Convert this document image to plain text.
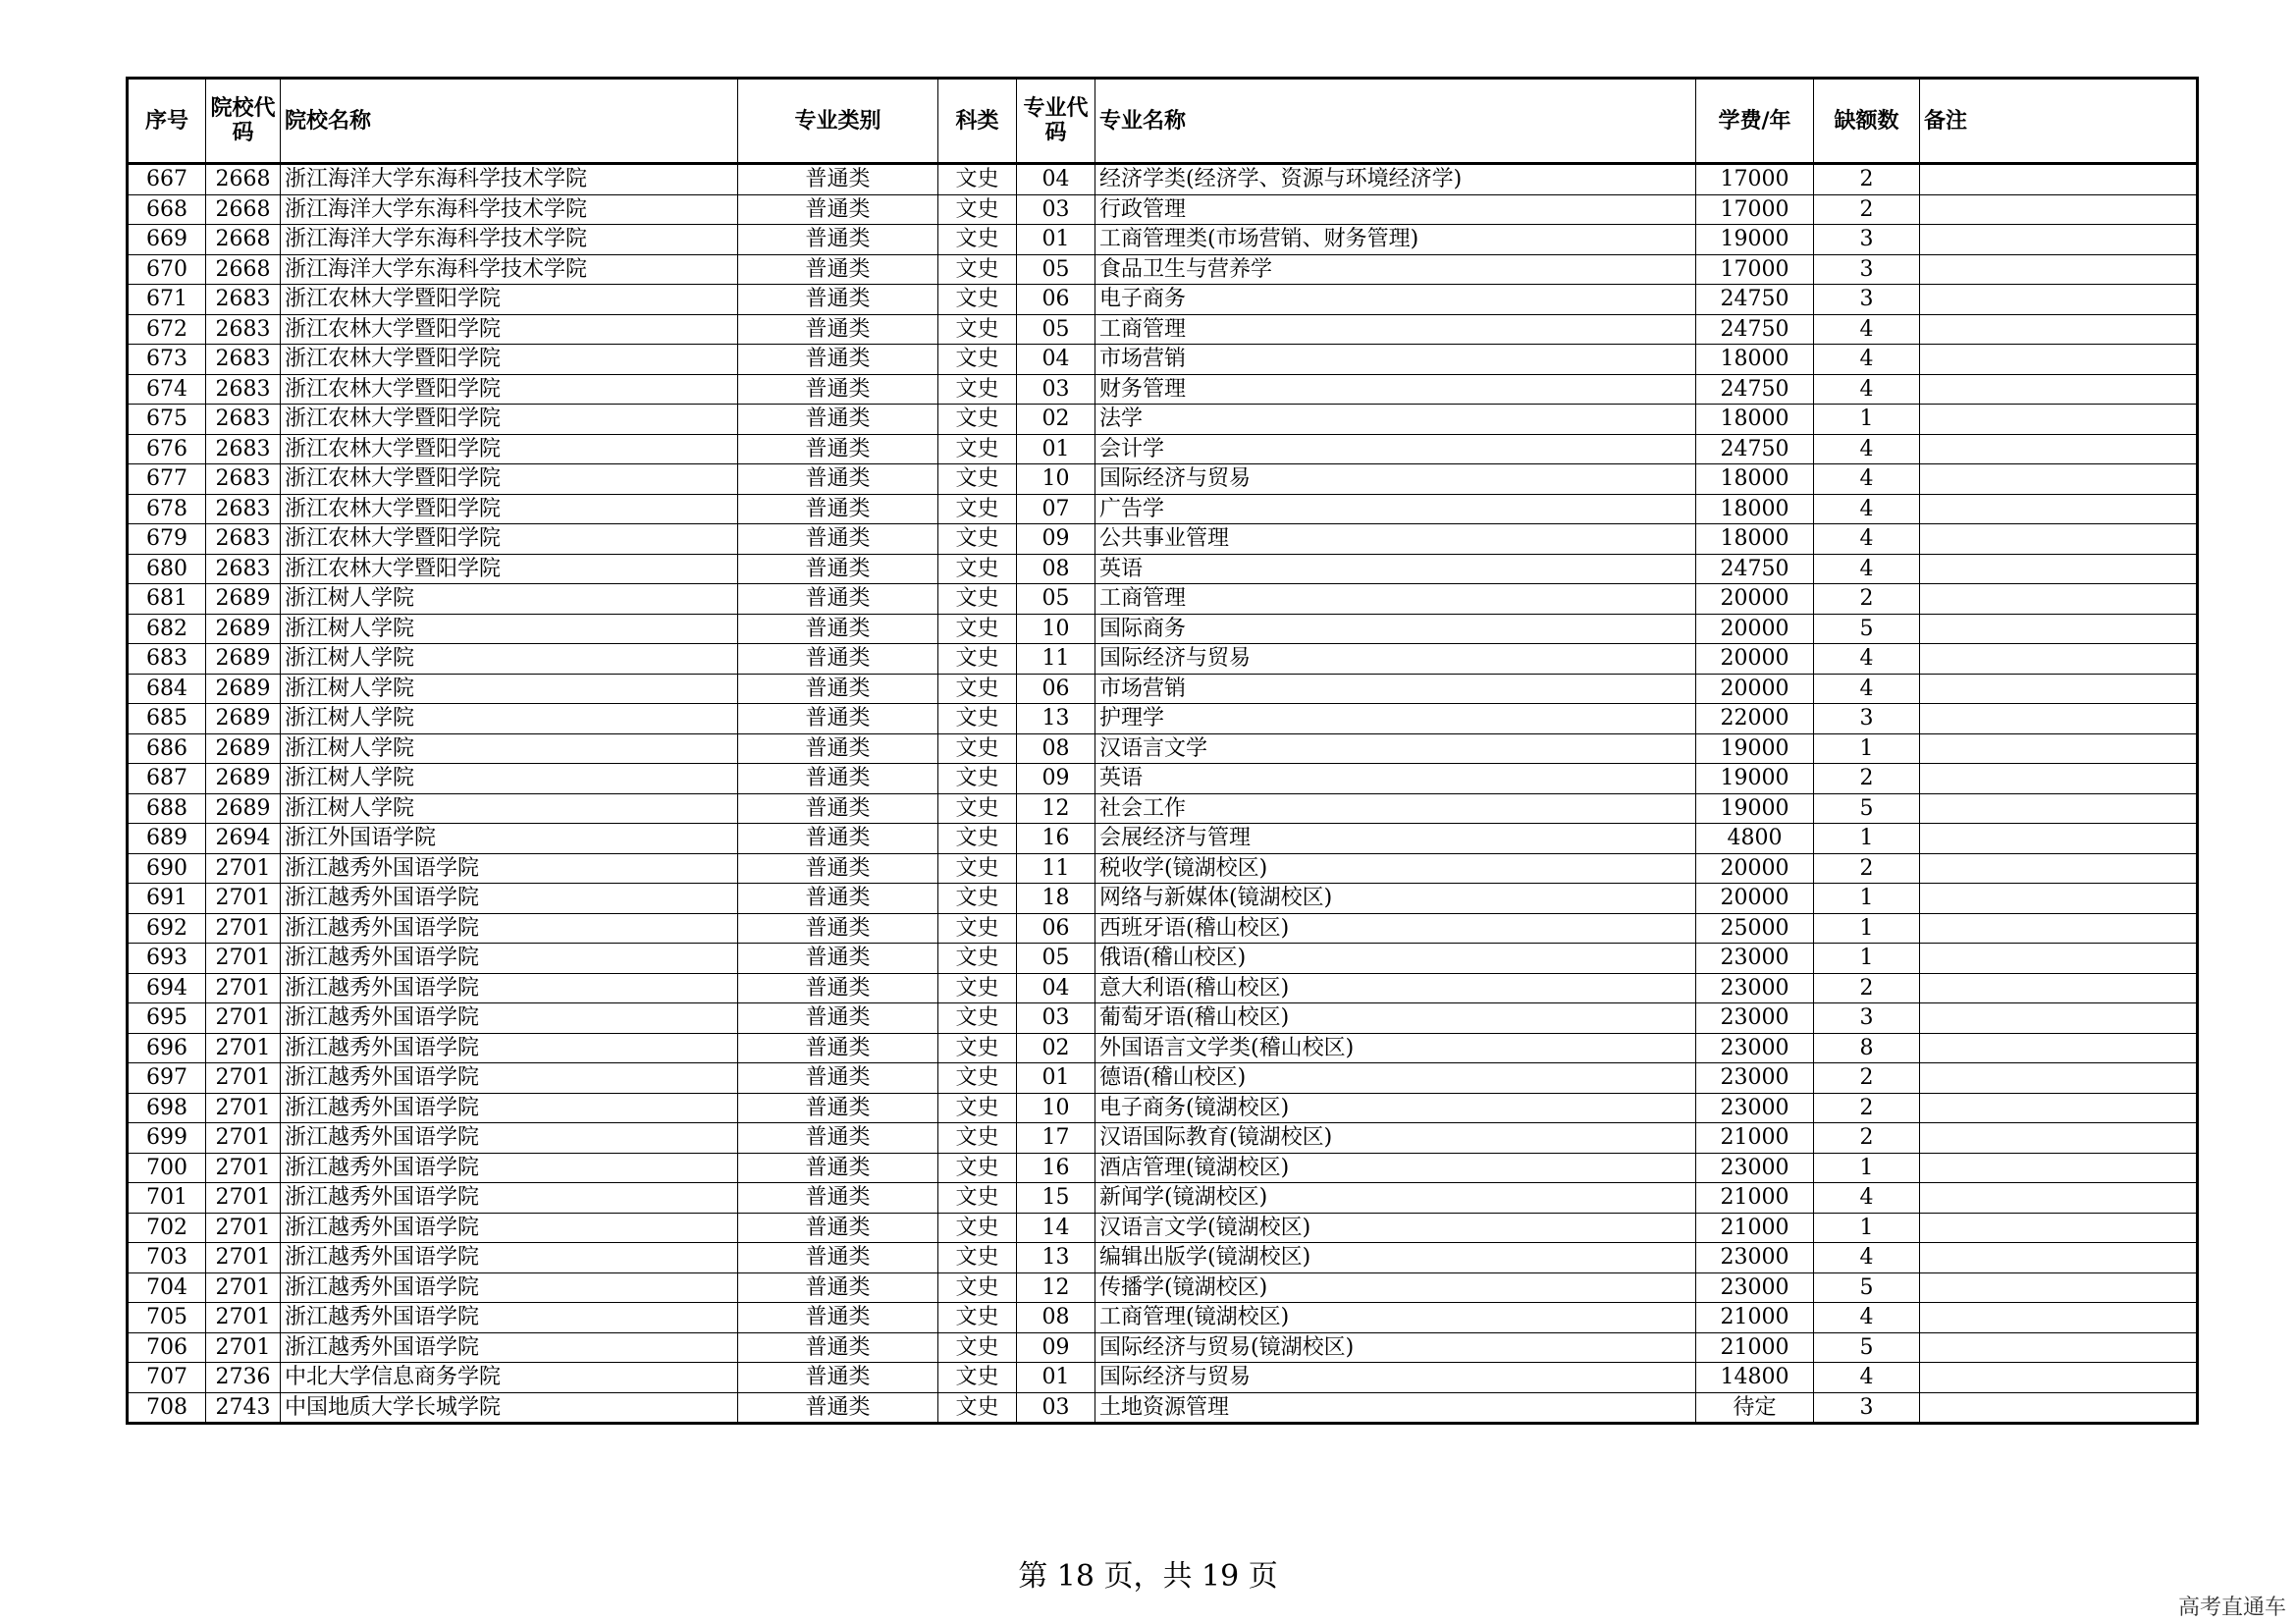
序号	院校代码	院校名称	专业类别	科类	专业代码	专业名称	学费/年	缺额数	备注
667	2668	浙江海洋大学东海科学技术学院	普通类	文史	04	经济学类(经济学、资源与环境经济学)	17000	2	
668	2668	浙江海洋大学东海科学技术学院	普通类	文史	03	行政管理	17000	2	
669	2668	浙江海洋大学东海科学技术学院	普通类	文史	01	工商管理类(市场营销、财务管理)	19000	3	
670	2668	浙江海洋大学东海科学技术学院	普通类	文史	05	食品卫生与营养学	17000	3	
671	2683	浙江农林大学暨阳学院	普通类	文史	06	电子商务	24750	3	
672	2683	浙江农林大学暨阳学院	普通类	文史	05	工商管理	24750	4	
673	2683	浙江农林大学暨阳学院	普通类	文史	04	市场营销	18000	4	
674	2683	浙江农林大学暨阳学院	普通类	文史	03	财务管理	24750	4	
675	2683	浙江农林大学暨阳学院	普通类	文史	02	法学	18000	1	
676	2683	浙江农林大学暨阳学院	普通类	文史	01	会计学	24750	4	
677	2683	浙江农林大学暨阳学院	普通类	文史	10	国际经济与贸易	18000	4	
678	2683	浙江农林大学暨阳学院	普通类	文史	07	广告学	18000	4	
679	2683	浙江农林大学暨阳学院	普通类	文史	09	公共事业管理	18000	4	
680	2683	浙江农林大学暨阳学院	普通类	文史	08	英语	24750	4	
681	2689	浙江树人学院	普通类	文史	05	工商管理	20000	2	
682	2689	浙江树人学院	普通类	文史	10	国际商务	20000	5	
683	2689	浙江树人学院	普通类	文史	11	国际经济与贸易	20000	4	
684	2689	浙江树人学院	普通类	文史	06	市场营销	20000	4	
685	2689	浙江树人学院	普通类	文史	13	护理学	22000	3	
686	2689	浙江树人学院	普通类	文史	08	汉语言文学	19000	1	
687	2689	浙江树人学院	普通类	文史	09	英语	19000	2	
688	2689	浙江树人学院	普通类	文史	12	社会工作	19000	5	
689	2694	浙江外国语学院	普通类	文史	16	会展经济与管理	4800	1	
690	2701	浙江越秀外国语学院	普通类	文史	11	税收学(镜湖校区)	20000	2	
691	2701	浙江越秀外国语学院	普通类	文史	18	网络与新媒体(镜湖校区)	20000	1	
692	2701	浙江越秀外国语学院	普通类	文史	06	西班牙语(稽山校区)	25000	1	
693	2701	浙江越秀外国语学院	普通类	文史	05	俄语(稽山校区)	23000	1	
694	2701	浙江越秀外国语学院	普通类	文史	04	意大利语(稽山校区)	23000	2	
695	2701	浙江越秀外国语学院	普通类	文史	03	葡萄牙语(稽山校区)	23000	3	
696	2701	浙江越秀外国语学院	普通类	文史	02	外国语言文学类(稽山校区)	23000	8	
697	2701	浙江越秀外国语学院	普通类	文史	01	德语(稽山校区)	23000	2	
698	2701	浙江越秀外国语学院	普通类	文史	10	电子商务(镜湖校区)	23000	2	
699	2701	浙江越秀外国语学院	普通类	文史	17	汉语国际教育(镜湖校区)	21000	2	
700	2701	浙江越秀外国语学院	普通类	文史	16	酒店管理(镜湖校区)	23000	1	
701	2701	浙江越秀外国语学院	普通类	文史	15	新闻学(镜湖校区)	21000	4	
702	2701	浙江越秀外国语学院	普通类	文史	14	汉语言文学(镜湖校区)	21000	1	
703	2701	浙江越秀外国语学院	普通类	文史	13	编辑出版学(镜湖校区)	23000	4	
704	2701	浙江越秀外国语学院	普通类	文史	12	传播学(镜湖校区)	23000	5	
705	2701	浙江越秀外国语学院	普通类	文史	08	工商管理(镜湖校区)	21000	4	
706	2701	浙江越秀外国语学院	普通类	文史	09	国际经济与贸易(镜湖校区)	21000	5	
707	2736	中北大学信息商务学院	普通类	文史	01	国际经济与贸易	14800	4	
708	2743	中国地质大学长城学院	普通类	文史	03	土地资源管理	待定	3	
第 18 页，共 19 页
高考直通车
